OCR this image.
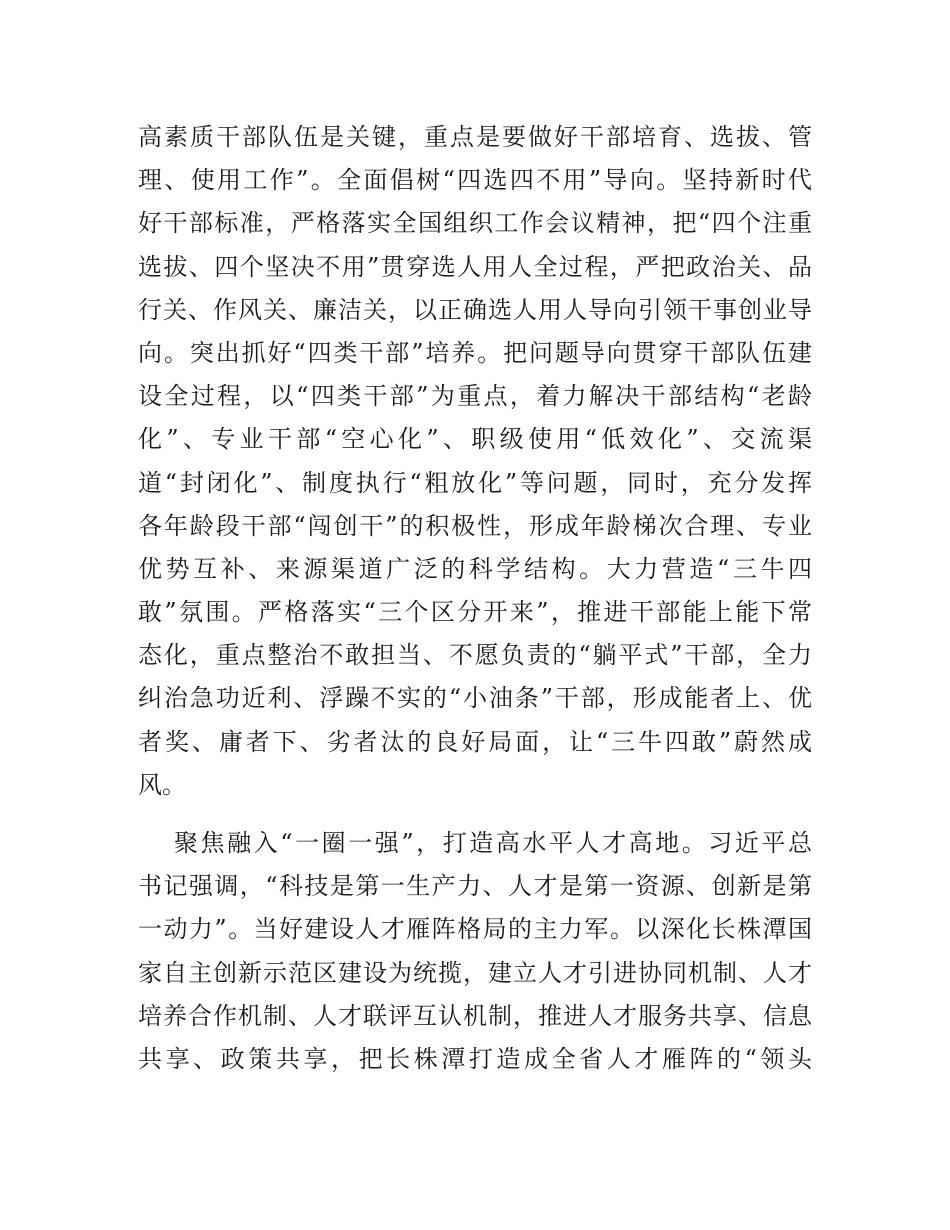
高素质干部队伍是关键，重点是要做好干部培育、选拔、管
理、使用工作”。全面倡树“四选四不用”导向。坚持新时代
好干部标准，严格落实全国组织工作会议精神，把“四个注重
选拔、四个坚决不用”贯穿选人用人全过程，严把政治关、品
行关、作风关、廉洁关，以正确选人用人导向引领干事创业导
向。突出抓好“四类干部”培养。把问题导向贯穿干部队伍建
设全过程，以“四类干部”为重点，着力解决干部结构“老龄
化”、专业干部“空心化”、职级使用“低效化”、交流渠
道“封闭化”、制度执行“粗放化”等问题，同时，充分发挥
各年龄段干部“闯创干”的积极性，形成年龄梯次合理、专业
优势互补、来源渠道广泛的科学结构。大力营造“三牛四
敢”氛围。严格落实“三个区分开来”，推进干部能上能下常
态化，重点整治不敢担当、不愿负责的“躺平式”干部，全力
纠治急功近利、浮躁不实的“小油条”干部，形成能者上、优
者奖、庸者下、劣者汰的良好局面，让“三牛四敢”蔚然成
风。
聚焦融入“一圈一强”，打造高水平人才高地。习近平总
书记强调，“科技是第一生产力、人才是第一资源、创新是第
一动力”。当好建设人才雁阵格局的主力军。以深化长株潭国
家自主创新示范区建设为统揽，建立人才引进协同机制、人才
培养合作机制、人才联评互认机制，推进人才服务共享、信息
共享、政策共享，把长株潭打造成全省人才雁阵的“领头
